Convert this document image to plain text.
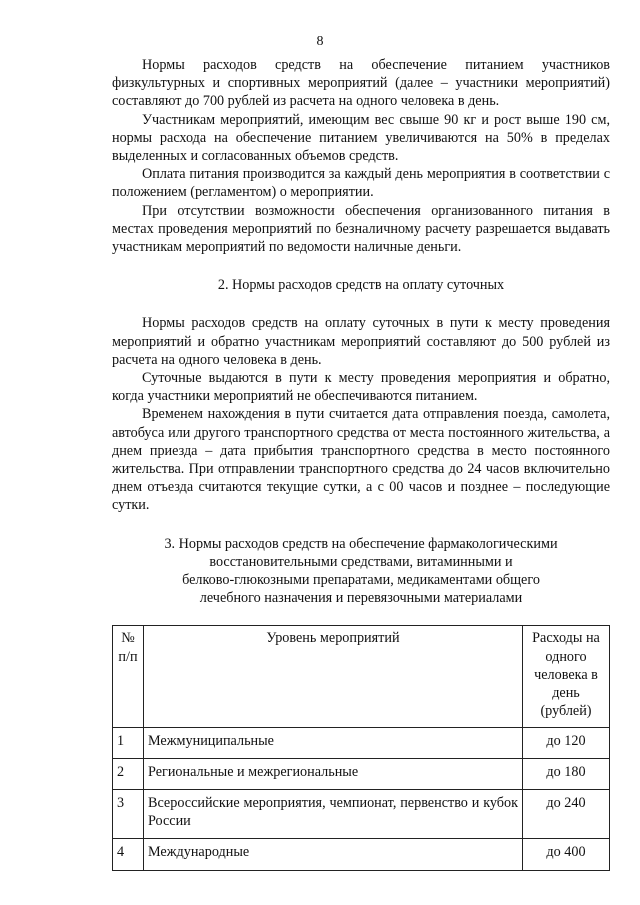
8

Нормы расходов средств на обеспечение питанием участников физкультурных и спортивных мероприятий (далее – участники мероприятий) составляют до 700 рублей из расчета на одного человека в день.

Участникам мероприятий, имеющим вес свыше 90 кг и рост выше 190 см, нормы расхода на обеспечение питанием увеличиваются на 50% в пределах выделенных и согласованных объемов средств.

Оплата питания производится за каждый день мероприятия в соответствии с положением (регламентом) о мероприятии.

При отсутствии возможности обеспечения организованного питания в местах проведения мероприятий по безналичному расчету разрешается выдавать участникам мероприятий по ведомости наличные деньги.

2. Нормы расходов средств на оплату суточных

Нормы расходов средств на оплату суточных в пути к месту проведения мероприятий и обратно участникам мероприятий составляют до 500 рублей из расчета на одного человека в день.

Суточные выдаются в пути к месту проведения мероприятия и обратно, когда участники мероприятий не обеспечиваются питанием.

Временем нахождения в пути считается дата отправления поезда, самолета, автобуса или другого транспортного средства от места постоянного жительства, а днем приезда – дата прибытия транспортного средства в место постоянного жительства. При отправлении транспортного средства до 24 часов включительно днем отъезда считаются текущие сутки, а с 00 часов и позднее – последующие сутки.

3. Нормы расходов средств на обеспечение фармакологическими
восстановительными средствами, витаминными и
белково-глюкозными препаратами, медикаментами общего
лечебного назначения и перевязочными материалами

№ п/п	Уровень мероприятий	Расходы на одного человека в день (рублей)
1	Межмуниципальные	до 120
2	Региональные и межрегиональные	до 180
3	Всероссийские мероприятия, чемпионат, первенство и кубок России	до 240
4	Международные	до 400
